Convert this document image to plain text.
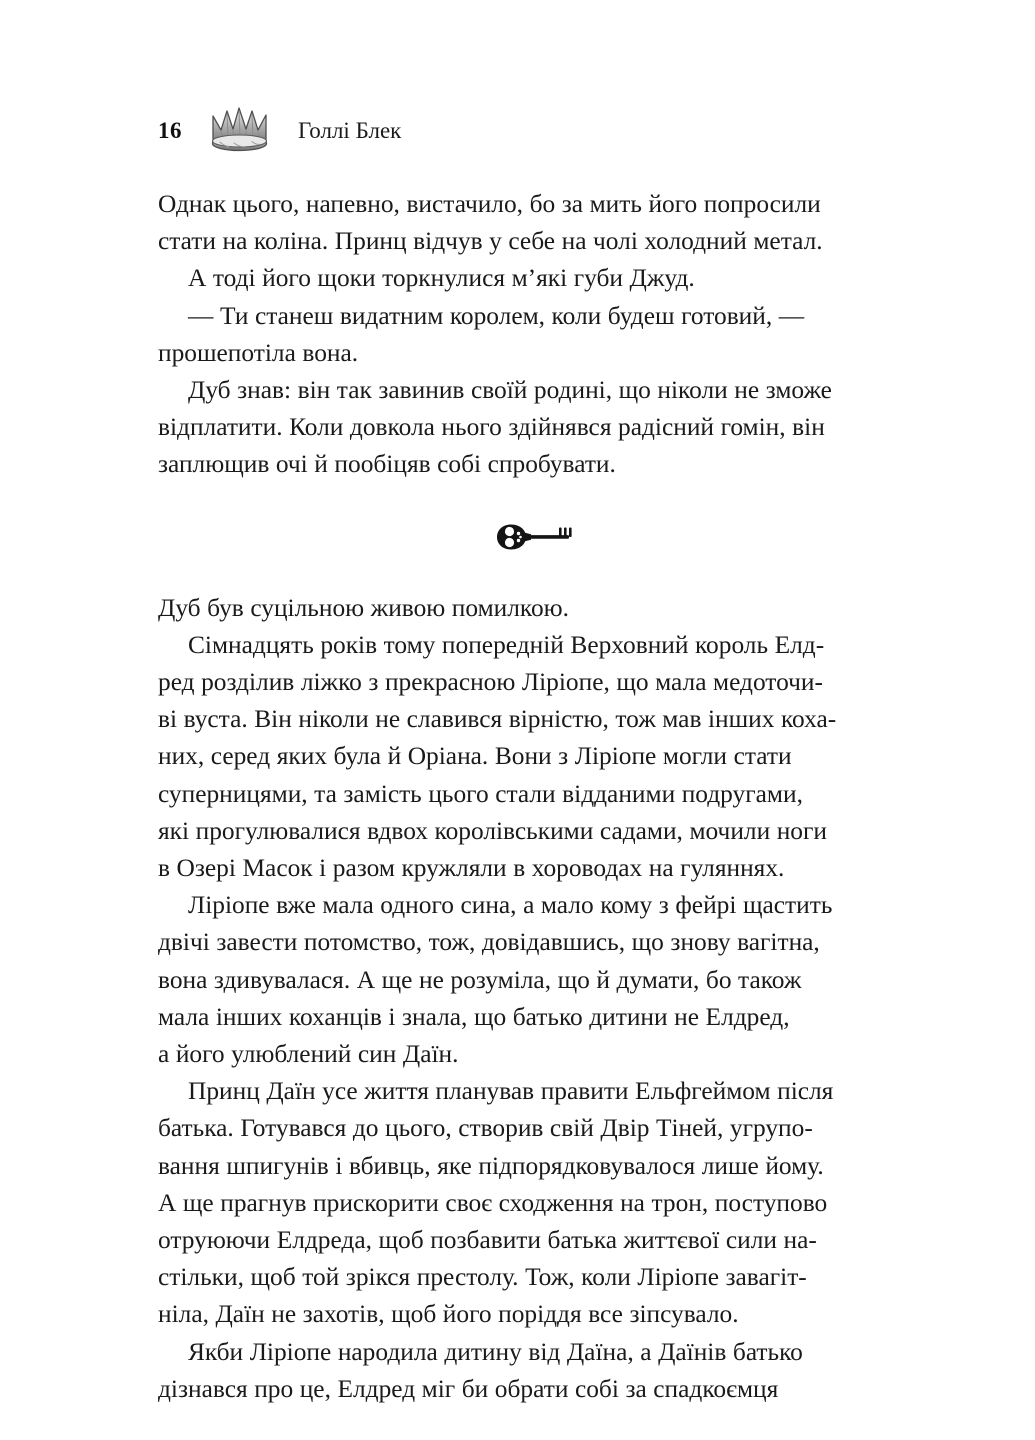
16	Голлі Блек

Однак цього, напевно, вистачило, бо за мить його попросили
стати на коліна. Принц відчув у себе на чолі холодний метал.

А тоді його щоки торкнулися м’які губи Джуд.

— Ти станеш видатним королем, коли будеш готовий, —
прошепотіла вона.

Дуб знав: він так завинив своїй родині, що ніколи не зможе
відплатити. Коли довкола нього здійнявся радісний гомін, він
заплющив очі й пообіцяв собі спробувати.

Дуб був суцільною живою помилкою.

Сімнадцять років тому попередній Верховний король Елд-
ред розділив ліжко з прекрасною Ліріопе, що мала медоточи-
ві вуста. Він ніколи не славився вірністю, тож мав інших коха-
них, серед яких була й Оріана. Вони з Ліріопе могли стати
суперницями, та замість цього стали відданими подругами,
які прогулювалися вдвох королівськими садами, мочили ноги
в Озері Масок і разом кружляли в хороводах на гуляннях.

Ліріопе вже мала одного сина, а мало кому з фейрі щастить
двічі завести потомство, тож, довідавшись, що знову вагітна,
вона здивувалася. А ще не розуміла, що й думати, бо також
мала інших коханців і знала, що батько дитини не Елдред,
а його улюблений син Даїн.

Принц Даїн усе життя планував правити Ельфгеймом після
батька. Готувався до цього, створив свій Двір Тіней, угрупо-
вання шпигунів і вбивць, яке підпорядковувалося лише йому.
А ще прагнув прискорити своє сходження на трон, поступово
отруюючи Елдреда, щоб позбавити батька життєвої сили на-
стільки, щоб той зрікся престолу. Тож, коли Ліріопе завагіт-
ніла, Даїн не захотів, щоб його поріддя все зіпсувало.

Якби Ліріопе народила дитину від Даїна, а Даїнів батько
дізнався про це, Елдред міг би обрати собі за спадкоємця
